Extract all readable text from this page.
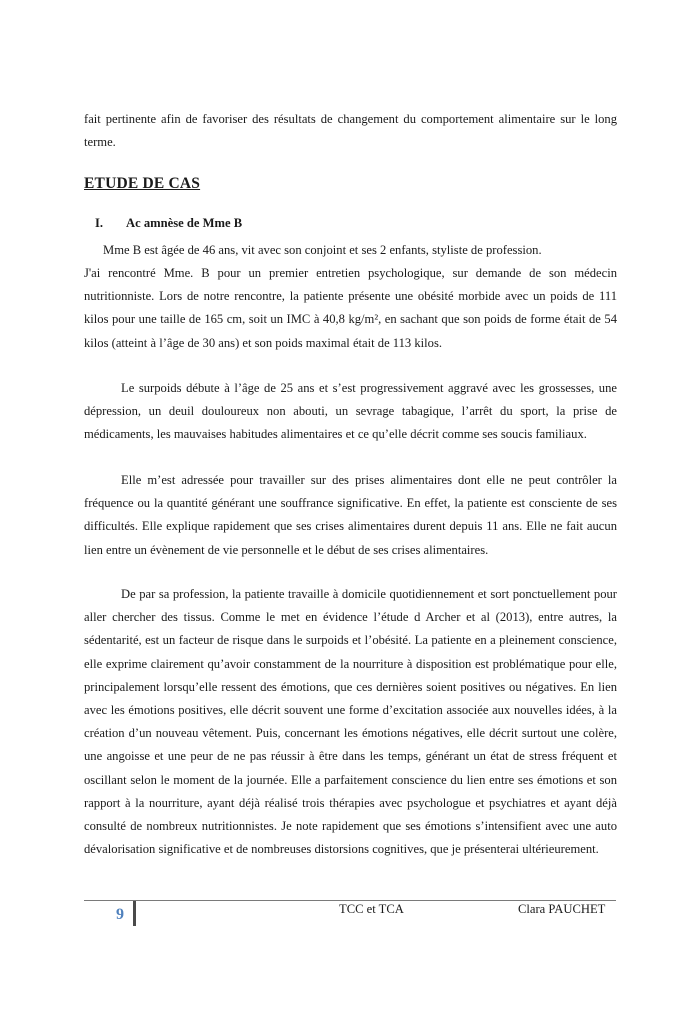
fait pertinente afin de favoriser des résultats de changement du comportement alimentaire sur le long terme.

ETUDE DE CAS

I. Ac amnèse de Mme B

Mme B est âgée de 46 ans, vit avec son conjoint et ses 2 enfants, styliste de profession.

J'ai rencontré Mme. B pour un premier entretien psychologique, sur demande de son médecin nutritionniste. Lors de notre rencontre, la patiente présente une obésité morbide avec un poids de 111 kilos pour une taille de 165 cm, soit un IMC à 40,8 kg/m², en sachant que son poids de forme était de 54 kilos (atteint à l’âge de 30 ans) et son poids maximal était de 113 kilos.

Le surpoids débute à l’âge de 25 ans et s’est progressivement aggravé avec les grossesses, une dépression, un deuil douloureux non abouti, un sevrage tabagique, l’arrêt du sport, la prise de médicaments, les mauvaises habitudes alimentaires et ce qu’elle décrit comme ses soucis familiaux.

Elle m’est adressée pour travailler sur des prises alimentaires dont elle ne peut contrôler la fréquence ou la quantité générant une souffrance significative. En effet, la patiente est consciente de ses difficultés. Elle explique rapidement que ses crises alimentaires durent depuis 11 ans. Elle ne fait aucun lien entre un évènement de vie personnelle et le début de ses crises alimentaires.

De par sa profession, la patiente travaille à domicile quotidiennement et sort ponctuellement pour aller chercher des tissus. Comme le met en évidence l’étude d Archer et al (2013), entre autres, la sédentarité, est un facteur de risque dans le surpoids et l’obésité. La patiente en a pleinement conscience, elle exprime clairement qu’avoir constamment de la nourriture à disposition est problématique pour elle, principalement lorsqu’elle ressent des émotions, que ces dernières soient positives ou négatives. En lien avec les émotions positives, elle décrit souvent une forme d’excitation associée aux nouvelles idées, à la création d’un nouveau vêtement. Puis, concernant les émotions négatives, elle décrit surtout une colère, une angoisse et une peur de ne pas réussir à être dans les temps, générant un état de stress fréquent et oscillant selon le moment de la journée. Elle a parfaitement conscience du lien entre ses émotions et son rapport à la nourriture, ayant déjà réalisé trois thérapies avec psychologue et psychiatres et ayant déjà consulté de nombreux nutritionnistes. Je note rapidement que ses émotions s’intensifient avec une auto dévalorisation significative et de nombreuses distorsions cognitives, que je présenterai ultérieurement.

9	TCC et TCA	Clara PAUCHET
